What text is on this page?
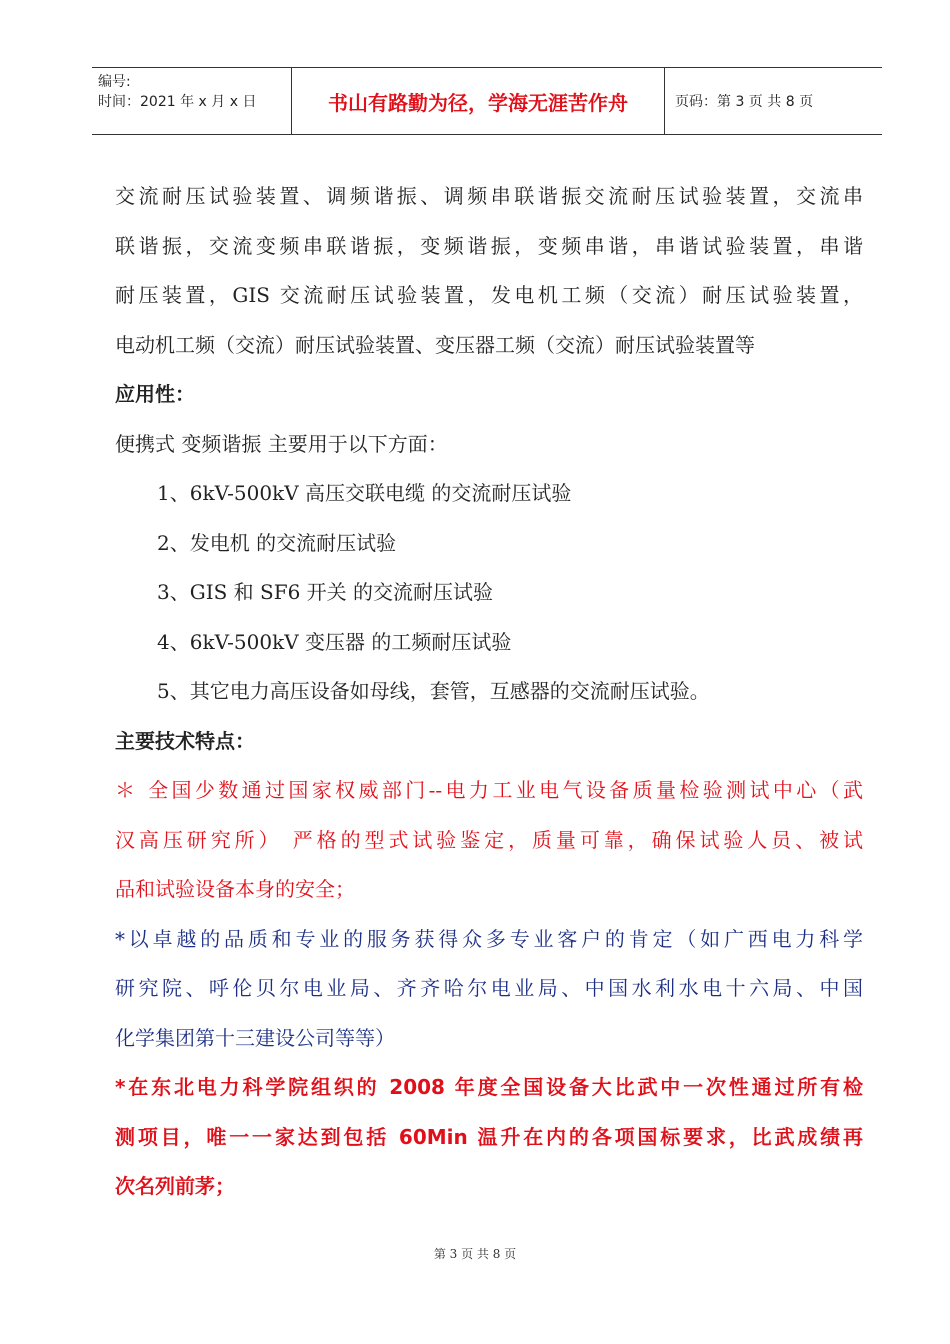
编号:
时间：2021 年 x 月 x 日	书山有路勤为径，学海无涯苦作舟	页码：第 3 页 共 8 页

交流耐压试验装置、调频谐振、调频串联谐振交流耐压试验装置，交流串

联谐振，交流变频串联谐振，变频谐振，变频串谐，串谐试验装置，串谐

耐压装置，GIS 交流耐压试验装置，发电机工频（交流）耐压试验装置，

电动机工频（交流）耐压试验装置、变压器工频（交流）耐压试验装置等

应用性：

便携式 变频谐振 主要用于以下方面：

1、6kV-500kV 高压交联电缆 的交流耐压试验

2、发电机 的交流耐压试验

3、GIS 和 SF6 开关 的交流耐压试验

4、6kV-500kV 变压器 的工频耐压试验

5、其它电力高压设备如母线，套管，互感器的交流耐压试验。

主要技术特点：

＊ 全国少数通过国家权威部门--电力工业电气设备质量检验测试中心（武

汉高压研究所） 严格的型式试验鉴定，质量可靠，确保试验人员、被试

品和试验设备本身的安全；

*以卓越的品质和专业的服务获得众多专业客户的肯定（如广西电力科学

研究院、呼伦贝尔电业局、齐齐哈尔电业局、中国水利水电十六局、中国

化学集团第十三建设公司等等）

*在东北电力科学院组织的 2008 年度全国设备大比武中一次性通过所有检

测项目，唯一一家达到包括 60Min 温升在内的各项国标要求，比武成绩再

次名列前茅；

第 3 页 共 8 页
